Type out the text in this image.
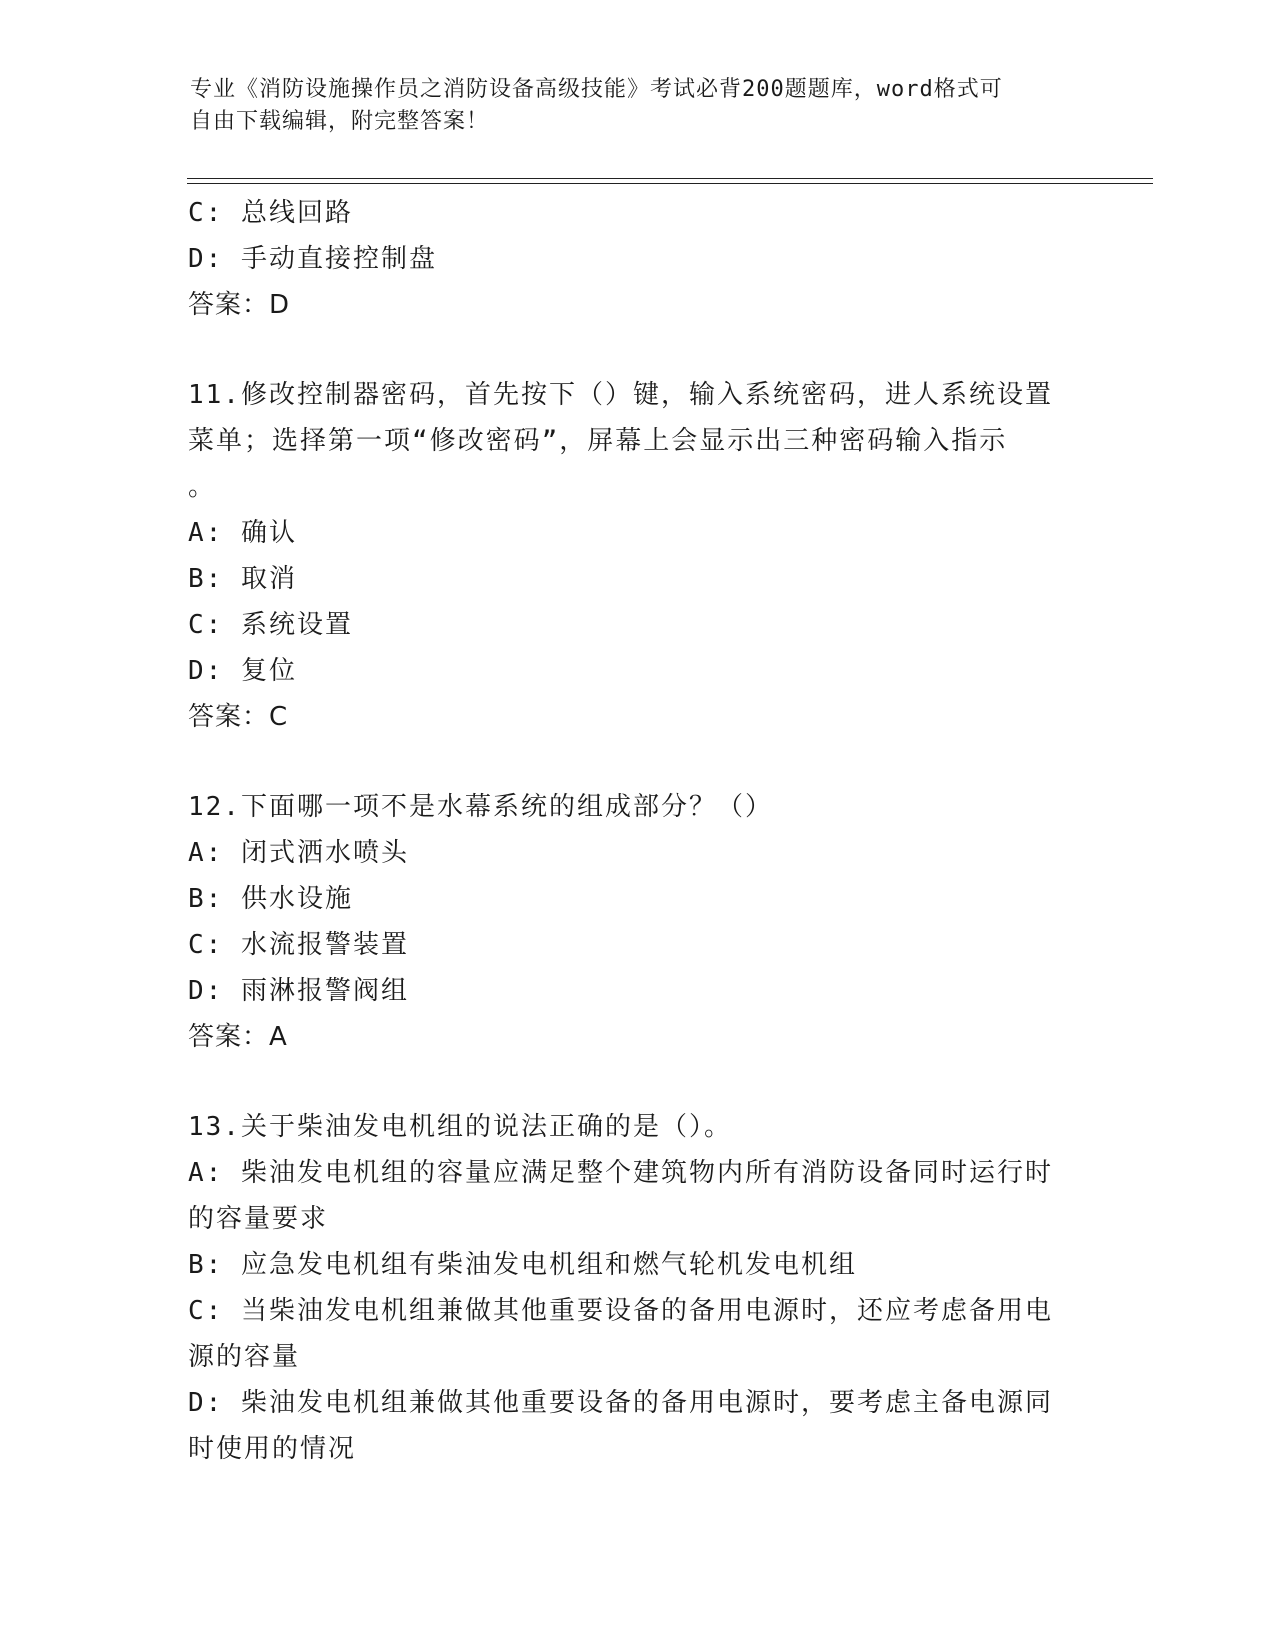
专业《消防设施操作员之消防设备高级技能》考试必背200题题库，word格式可
自由下载编辑，附完整答案！
C: 总线回路
D: 手动直接控制盘
答案：D
11.修改控制器密码，首先按下（）键，输入系统密码，进人系统设置
菜单；选择第一项“修改密码”，屏幕上会显示出三种密码输入指示
。
A: 确认
B: 取消
C: 系统设置
D: 复位
答案：C
12.下面哪一项不是水幕系统的组成部分？（）
A: 闭式洒水喷头
B: 供水设施
C: 水流报警装置
D: 雨淋报警阀组
答案：A
13.关于柴油发电机组的说法正确的是（）。
A: 柴油发电机组的容量应满足整个建筑物内所有消防设备同时运行时
的容量要求
B: 应急发电机组有柴油发电机组和燃气轮机发电机组
C: 当柴油发电机组兼做其他重要设备的备用电源时，还应考虑备用电
源的容量
D: 柴油发电机组兼做其他重要设备的备用电源时，要考虑主备电源同
时使用的情况
